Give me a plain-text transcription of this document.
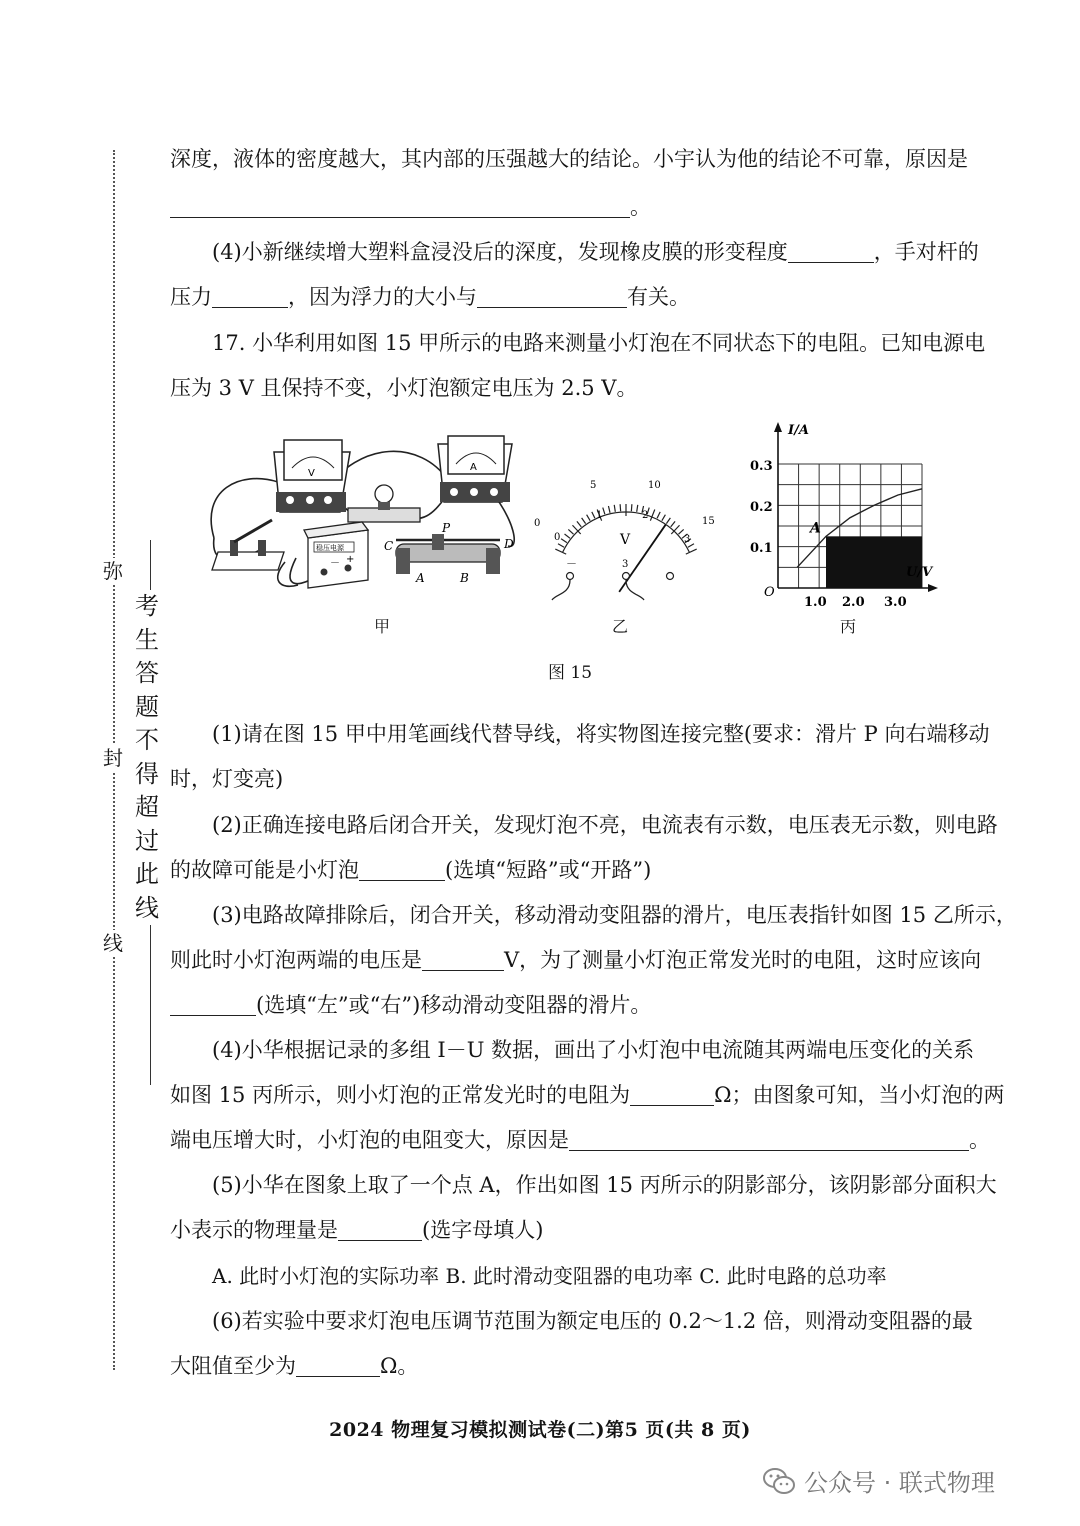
弥
封
线
考
生
答
题
不
得
超
过
此
线
深度，液体的密度越大，其内部的压强越大的结论。小宇认为他的结论不可靠，原因是
。
(4)小新继续增大塑料盒浸没后的深度，发现橡皮膜的形变程度	，手对杆的
压力	，因为浮力的大小与	有关。
17. 小华利用如图 15 甲所示的电路来测量小灯泡在不同状态下的电阻。已知电源电
压为 3 V 且保持不变，小灯泡额定电压为 2.5 V。
V
A
稳压电源
－ +
P
C	D
A	B
甲
0
5	10
15
0
1	2
3
V
－	3
乙
I/A
U/V
O
0.1
0.2
0.3
1.0 2.0 3.0
A
丙
图 15
(1)请在图 15 甲中用笔画线代替导线，将实物图连接完整(要求：滑片 P 向右端移动
时，灯变亮)
(2)正确连接电路后闭合开关，发现灯泡不亮，电流表有示数，电压表无示数，则电路
的故障可能是小灯泡	(选填“短路”或“开路”)
(3)电路故障排除后，闭合开关，移动滑动变阻器的滑片，电压表指针如图 15 乙所示，
则此时小灯泡两端的电压是	V，为了测量小灯泡正常发光时的电阻，这时应该向
(选填“左”或“右”)移动滑动变阻器的滑片。
(4)小华根据记录的多组 I－U 数据，画出了小灯泡中电流随其两端电压变化的关系
如图 15 丙所示，则小灯泡的正常发光时的电阻为	Ω；由图象可知，当小灯泡的两
端电压增大时，小灯泡的电阻变大，原因是	。
(5)小华在图象上取了一个点 A，作出如图 15 丙所示的阴影部分，该阴影部分面积大
小表示的物理量是	(选字母填人)
A. 此时小灯泡的实际功率 B. 此时滑动变阻器的电功率 C. 此时电路的总功率
(6)若实验中要求灯泡电压调节范围为额定电压的 0.2～1.2 倍，则滑动变阻器的最
大阻值至少为	Ω。
2024 物理复习模拟测试卷(二)第5 页(共 8 页)
公众号 · 联式物理
